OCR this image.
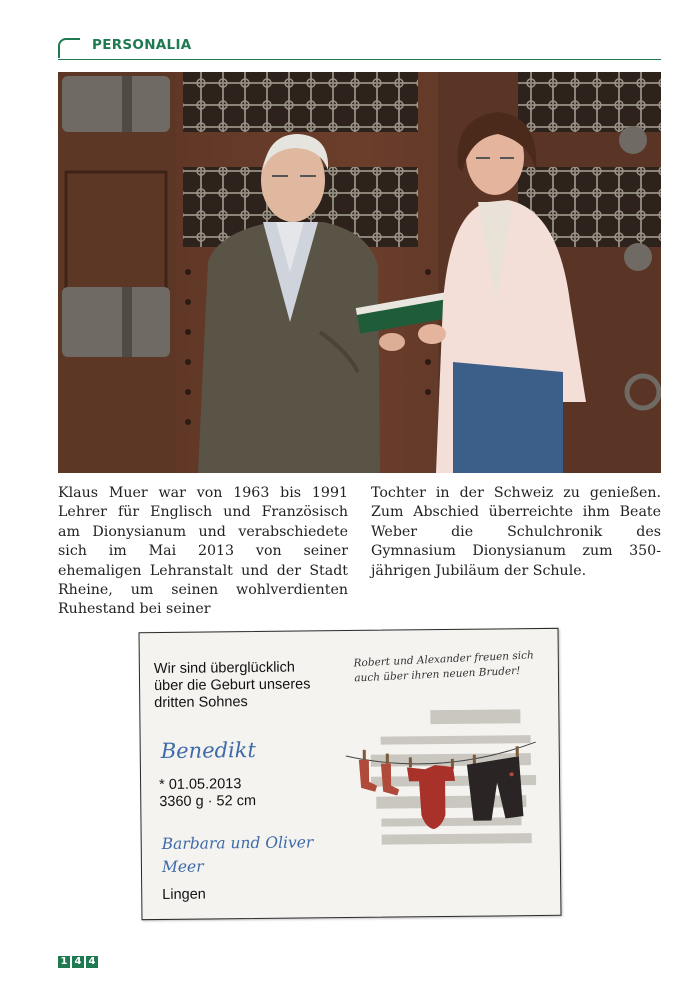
PERSONALIA
Klaus Muer war von 1963 bis 1991 Lehrer für Englisch und Französisch am Dionysianum und verabschiedete sich im Mai 2013 von seiner ehemaligen Lehranstalt und der Stadt Rheine, um seinen wohlverdienten Ruhestand bei seiner
Tochter in der Schweiz zu genießen. Zum Abschied überreichte ihm Beate Weber die Schulchronik des Gymnasium Dionysianum zum 350-jährigen Jubiläum der Schule.
Wir sind überglücklich
über die Geburt unseres
dritten Sohnes
Robert und Alexander freuen sich
auch über ihren neuen Bruder!
Benedikt
* 01.05.2013
3360 g · 52 cm
Barbara und Oliver
Meer
Lingen
1 4 4
